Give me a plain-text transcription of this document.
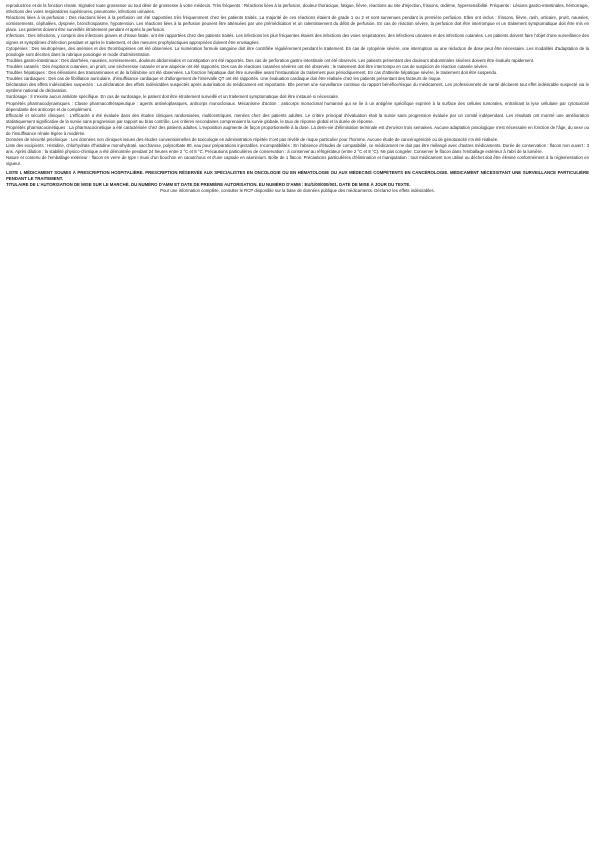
reproductrice et de la fonction rénale. Signalez toute grossesse ou tout désir de grossesse à votre médecin. Très fréquents : Réactions liées à la perfusion, douleur thoracique, fatigue, fièvre, réactions au site d'injection, frissons, œdème, hypersensibilité. Fréquents : Lésions gastro-intestinales, hémorragie, infections des voies respiratoires supérieures, pneumonie, infections urinaires.

Réactions liées à la perfusion : Des réactions liées à la perfusion ont été rapportées très fréquemment chez les patients traités. La majorité de ces réactions étaient de grade 1 ou 2 et sont survenues pendant la première perfusion. Elles ont inclus : frissons, fièvre, rash, urticaire, prurit, nausées, vomissements, céphalées, dyspnée, bronchospasme, hypotension. Les réactions liées à la perfusion peuvent être atténuées par une prémédication et un ralentissement du débit de perfusion. En cas de réaction sévère, la perfusion doit être interrompue et un traitement symptomatique doit être mis en place. Les patients doivent être surveillés étroitement pendant et après la perfusion.

Infections : Des infections, y compris des infections graves et d'issue fatale, ont été rapportées chez des patients traités. Les infections les plus fréquentes étaient des infections des voies respiratoires, des infections urinaires et des infections cutanées. Les patients doivent faire l'objet d'une surveillance des signes et symptômes d'infection pendant et après le traitement, et des mesures prophylactiques appropriées doivent être envisagées.

Cytopénies : Des neutropénies, des anémies et des thrombopénies ont été observées. La numération formule sanguine doit être contrôlée régulièrement pendant le traitement. En cas de cytopénie sévère, une interruption ou une réduction de dose peut être nécessaire. Les modalités d'adaptation de la posologie sont décrites dans la rubrique posologie et mode d'administration.

Troubles gastro-intestinaux : Des diarrhées, nausées, vomissements, douleurs abdominales et constipation ont été rapportés. Des cas de perforation gastro-intestinale ont été observés. Les patients présentant des douleurs abdominales sévères doivent être évalués rapidement.

Troubles cutanés : Des éruptions cutanées, un prurit, une sécheresse cutanée et une alopécie ont été rapportés. Des cas de réactions cutanées sévères ont été observés ; le traitement doit être interrompu en cas de suspicion de réaction cutanée sévère.

Troubles hépatiques : Des élévations des transaminases et de la bilirubine ont été observées. La fonction hépatique doit être surveillée avant l'instauration du traitement puis périodiquement. En cas d'atteinte hépatique sévère, le traitement doit être suspendu.

Troubles cardiaques : Des cas de fibrillation auriculaire, d'insuffisance cardiaque et d'allongement de l'intervalle QT ont été rapportés. Une évaluation cardiaque doit être réalisée chez les patients présentant des facteurs de risque.

Déclaration des effets indésirables suspectés : La déclaration des effets indésirables suspectés après autorisation du médicament est importante. Elle permet une surveillance continue du rapport bénéfice/risque du médicament. Les professionnels de santé déclarent tout effet indésirable suspecté via le système national de déclaration.

Surdosage : Il n'existe aucun antidote spécifique. En cas de surdosage, le patient doit être étroitement surveillé et un traitement symptomatique doit être instauré si nécessaire.

Propriétés pharmacodynamiques : Classe pharmacothérapeutique : agents antinéoplasiques, anticorps monoclonaux. Mécanisme d'action : anticorps monoclonal humanisé qui se lie à un antigène spécifique exprimé à la surface des cellules tumorales, entraînant la lyse cellulaire par cytotoxicité dépendante des anticorps et du complément.

Efficacité et sécurité cliniques : L'efficacité a été évaluée dans des études cliniques randomisées, multicentriques, menées chez des patients adultes. Le critère principal d'évaluation était la survie sans progression évaluée par un comité indépendant. Les résultats ont montré une amélioration statistiquement significative de la survie sans progression par rapport au bras contrôle. Les critères secondaires comprenaient la survie globale, le taux de réponse global et la durée de réponse.

Propriétés pharmacocinétiques : La pharmacocinétique a été caractérisée chez des patients adultes. L'exposition augmente de façon proportionnelle à la dose. La demi-vie d'élimination terminale est d'environ trois semaines. Aucune adaptation posologique n'est nécessaire en fonction de l'âge, du sexe ou de l'insuffisance rénale légère à modérée.

Données de sécurité préclinique : Les données non cliniques issues des études conventionnelles de toxicologie en administration répétée n'ont pas révélé de risque particulier pour l'homme. Aucune étude de cancérogénicité ou de génotoxicité n'a été réalisée.

Liste des excipients : Histidine, chlorhydrate d'histidine monohydraté, saccharose, polysorbate 80, eau pour préparations injectables. Incompatibilités : En l'absence d'études de compatibilité, ce médicament ne doit pas être mélangé avec d'autres médicaments. Durée de conservation : flacon non ouvert : 3 ans. Après dilution : la stabilité physico-chimique a été démontrée pendant 24 heures entre 2 °C et 8 °C. Précautions particulières de conservation : à conserver au réfrigérateur (entre 2 °C et 8 °C). Ne pas congeler. Conserver le flacon dans l'emballage extérieur à l'abri de la lumière.

Nature et contenu de l'emballage extérieur : flacon en verre de type I muni d'un bouchon en caoutchouc et d'une capsule en aluminium. Boîte de 1 flacon. Précautions particulières d'élimination et manipulation : tout médicament non utilisé ou déchet doit être éliminé conformément à la réglementation en vigueur.

LISTE I. MÉDICAMENT SOUMIS À PRESCRIPTION HOSPITALIÈRE. PRESCRIPTION RÉSERVÉE AUX SPÉCIALISTES EN ONCOLOGIE OU EN HÉMATOLOGIE OU AUX MÉDECINS COMPÉTENTS EN CANCÉROLOGIE. MÉDICAMENT NÉCESSITANT UNE SURVEILLANCE PARTICULIÈRE PENDANT LE TRAITEMENT.
TITULAIRE DE L'AUTORISATION DE MISE SUR LE MARCHÉ. DU NUMÉRO D'AMM ET DATE DE PREMIÈRE AUTORISATION. EU NUMÉRO D'AMM : EU/1/00/000/001. DATE DE MISE À JOUR DU TEXTE.
Pour une information complète, consulter le RCP disponible sur la base de données publique des médicaments. Déclarez les effets indésirables.
